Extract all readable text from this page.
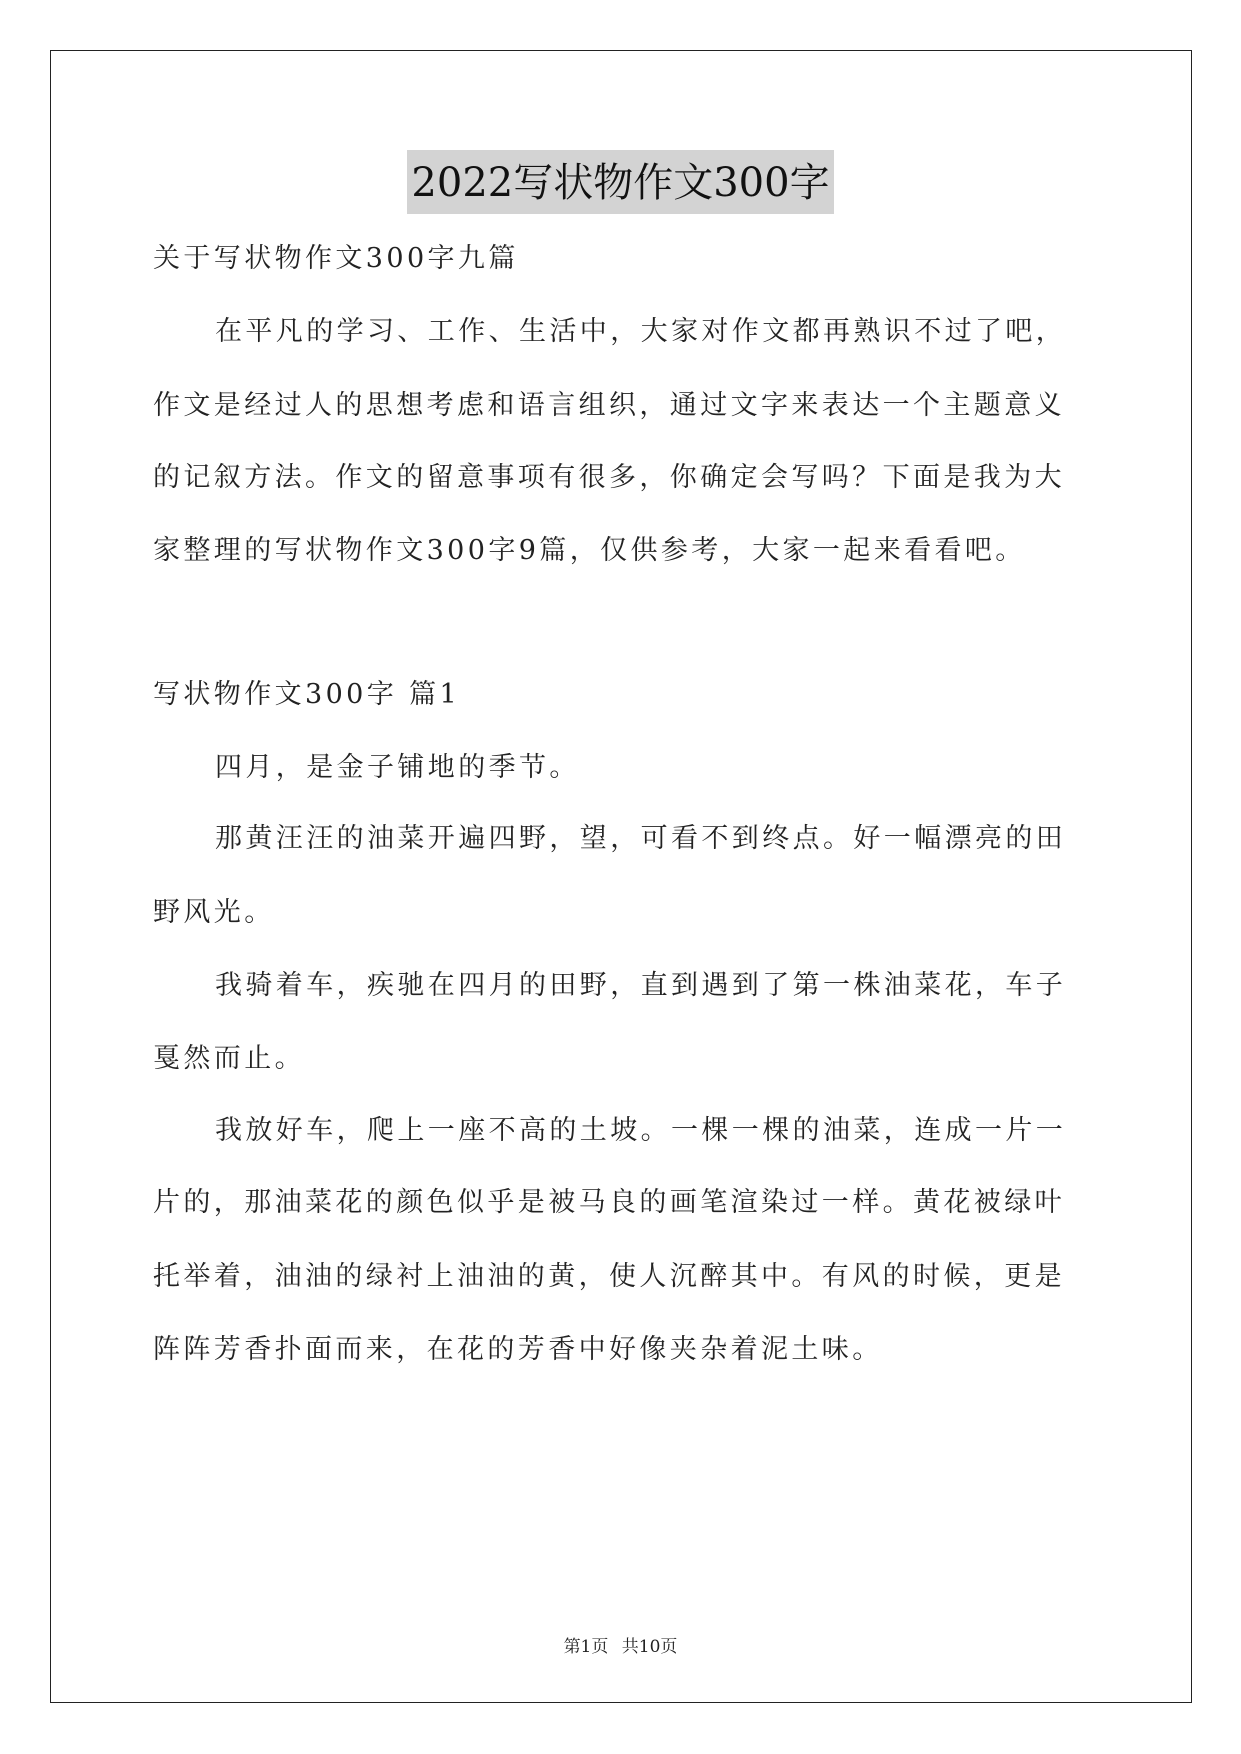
2022写状物作文300字
关于写状物作文300字九篇
在平凡的学习、工作、生活中，大家对作文都再熟识不过了吧，
作文是经过人的思想考虑和语言组织，通过文字来表达一个主题意义
的记叙方法。作文的留意事项有很多，你确定会写吗？下面是我为大
家整理的写状物作文300字9篇，仅供参考，大家一起来看看吧。
写状物作文300字 篇1
四月，是金子铺地的季节。
那黄汪汪的油菜开遍四野，望，可看不到终点。好一幅漂亮的田
野风光。
我骑着车，疾驰在四月的田野，直到遇到了第一株油菜花，车子
戛然而止。
我放好车，爬上一座不高的土坡。一棵一棵的油菜，连成一片一
片的，那油菜花的颜色似乎是被马良的画笔渲染过一样。黄花被绿叶
托举着，油油的绿衬上油油的黄，使人沉醉其中。有风的时候，更是
阵阵芳香扑面而来，在花的芳香中好像夹杂着泥土味。
第1页 共10页
